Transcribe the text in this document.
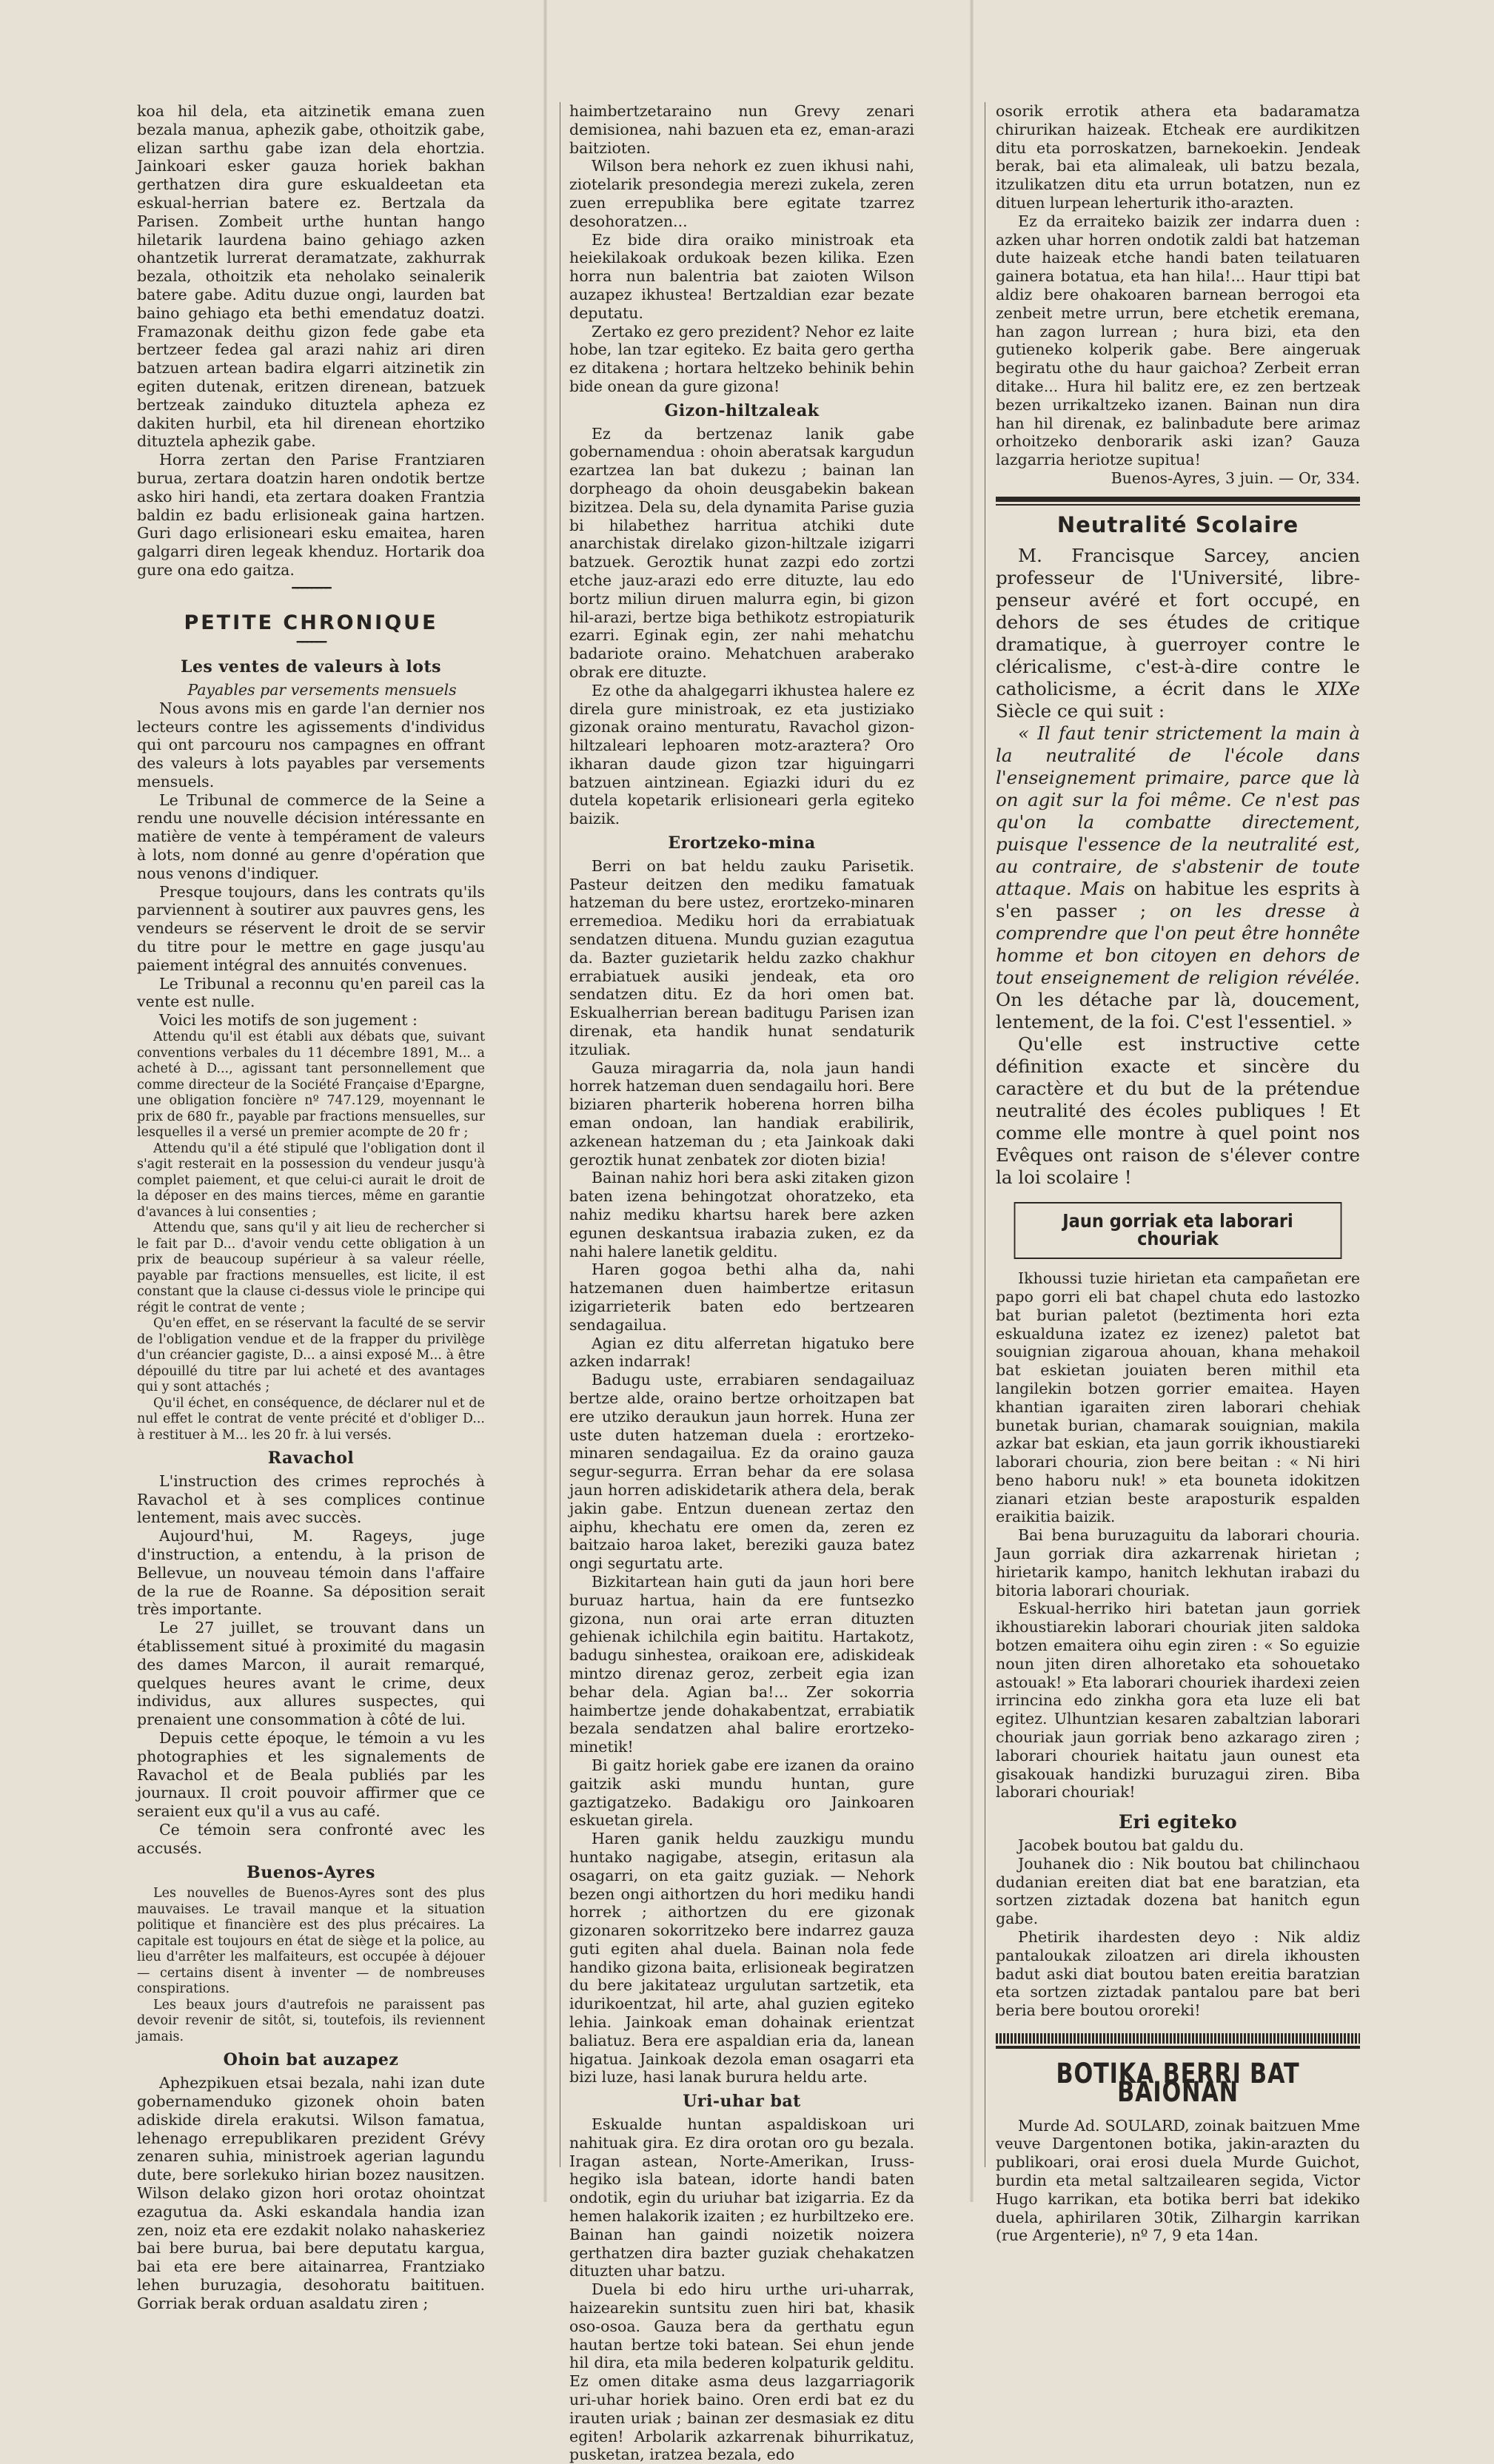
koa hil dela, eta aitzinetik emana zuen bezala manua, aphezik gabe, othoitzik gabe, elizan sarthu gabe izan dela ehortzia. Jainkoari esker gauza horiek bakhan gerthatzen dira gure eskualdeetan eta eskual-herrian batere ez. Bertzala da Parisen. Zombeit urthe huntan hango hiletarik laurdena baino gehiago azken ohantzetik lurrerat deramatzate, zakhurrak bezala, othoitzik eta neholako seinalerik batere gabe. Aditu duzue ongi, laurden bat baino gehiago eta bethi emendatuz doatzi. Framazonak deithu gizon fede gabe eta bertzeer fedea gal arazi nahiz ari diren batzuen artean badira elgarri aitzinetik zin egiten dutenak, eritzen direnean, batzuek bertzeak zainduko dituztela apheza ez dakiten hurbil, eta hil direnean ehortziko dituztela aphezik gabe.

Horra zertan den Parise Frantziaren burua, zertara doatzin haren ondotik bertze asko hiri handi, eta zertara doaken Frantzia baldin ez badu erlisioneak gaina hartzen. Guri dago erlisioneari esku emaitea, haren galgarri diren legeak khenduz. Hortarik doa gure ona edo gaitza.

━━━━━━━━
PETITE CHRONIQUE
━━━━━━
Les ventes de valeurs à lots

Payables par versements mensuels

Nous avons mis en garde l'an dernier nos lecteurs contre les agissements d'individus qui ont parcouru nos campagnes en offrant des valeurs à lots payables par versements mensuels.

Le Tribunal de commerce de la Seine a rendu une nouvelle décision intéressante en matière de vente à tempérament de valeurs à lots, nom donné au genre d'opération que nous venons d'indiquer.

Presque toujours, dans les contrats qu'ils parviennent à soutirer aux pauvres gens, les vendeurs se réservent le droit de se servir du titre pour le mettre en gage jusqu'au paiement intégral des annuités convenues.

Le Tribunal a reconnu qu'en pareil cas la vente est nulle.

Voici les motifs de son jugement :

Attendu qu'il est établi aux débats que, suivant conventions verbales du 11 décembre 1891, M... a acheté à D..., agissant tant personnellement que comme directeur de la Société Française d'Epargne, une obligation foncière nº 747.129, moyennant le prix de 680 fr., payable par fractions mensuelles, sur lesquelles il a versé un premier acompte de 20 fr ;

Attendu qu'il a été stipulé que l'obligation dont il s'agit resterait en la possession du vendeur jusqu'à complet paiement, et que celui-ci aurait le droit de la déposer en des mains tierces, même en garantie d'avances à lui consenties ;

Attendu que, sans qu'il y ait lieu de rechercher si le fait par D... d'avoir vendu cette obligation à un prix de beaucoup supérieur à sa valeur réelle, payable par fractions mensuelles, est licite, il est constant que la clause ci-dessus viole le principe qui régit le contrat de vente ;

Qu'en effet, en se réservant la faculté de se servir de l'obligation vendue et de la frapper du privilège d'un créancier gagiste, D... a ainsi exposé M... à être dépouillé du titre par lui acheté et des avantages qui y sont attachés ;

Qu'il échet, en conséquence, de déclarer nul et de nul effet le contrat de vente précité et d'obliger D... à restituer à M... les 20 fr. à lui versés.

Ravachol

L'instruction des crimes reprochés à Ravachol et à ses complices continue lentement, mais avec succès.

Aujourd'hui, M. Rageys, juge d'instruction, a entendu, à la prison de Bellevue, un nouveau témoin dans l'affaire de la rue de Roanne. Sa déposition serait très importante.

Le 27 juillet, se trouvant dans un établissement situé à proximité du magasin des dames Marcon, il aurait remarqué, quelques heures avant le crime, deux individus, aux allures suspectes, qui prenaient une consommation à côté de lui.

Depuis cette époque, le témoin a vu les photographies et les signalements de Ravachol et de Beala publiés par les journaux. Il croit pouvoir affirmer que ce seraient eux qu'il a vus au café.

Ce témoin sera confronté avec les accusés.

Buenos-Ayres

Les nouvelles de Buenos-Ayres sont des plus mauvaises. Le travail manque et la situation politique et financière est des plus précaires. La capitale est toujours en état de siège et la police, au lieu d'arrêter les malfaiteurs, est occupée à déjouer — certains disent à inventer — de nombreuses conspirations.

Les beaux jours d'autrefois ne paraissent pas devoir revenir de sitôt, si, toutefois, ils reviennent jamais.

Ohoin bat auzapez

Aphezpikuen etsai bezala, nahi izan dute gobernamenduko gizonek ohoin baten adiskide direla erakutsi. Wilson famatua, lehenago errepublikaren prezident Grévy zenaren suhia, ministroek agerian lagundu dute, bere sorlekuko hirian bozez nausitzen. Wilson delako gizon hori orotaz ohointzat ezagutua da. Aski eskandala handia izan zen, noiz eta ere ezdakit nolako nahaskeriez bai bere burua, bai bere deputatu kargua, bai eta ere bere aitainarrea, Frantziako lehen buruzagia, desohoratu baitituen. Gorriak berak orduan asaldatu ziren ;

haimbertzetaraino nun Grevy zenari demisionea, nahi bazuen eta ez, eman-arazi baitzioten.

Wilson bera nehork ez zuen ikhusi nahi, ziotelarik presondegia merezi zukela, zeren zuen errepublika bere egitate tzarrez desohoratzen...

Ez bide dira oraiko ministroak eta heiekilakoak ordukoak bezen kilika. Ezen horra nun balentria bat zaioten Wilson auzapez ikhustea! Bertzaldian ezar bezate deputatu.

Zertako ez gero prezident? Nehor ez laite hobe, lan tzar egiteko. Ez baita gero gertha ez ditakena ; hortara heltzeko behinik behin bide onean da gure gizona!

Gizon-hiltzaleak

Ez da bertzenaz lanik gabe gobernamendua : ohoin aberatsak kargudun ezartzea lan bat dukezu ; bainan lan dorpheago da ohoin deusgabekin bakean bizitzea. Dela su, dela dynamita Parise guzia bi hilabethez harritua atchiki dute anarchistak direlako gizon-hiltzale izigarri batzuek. Geroztik hunat zazpi edo zortzi etche jauz-arazi edo erre dituzte, lau edo bortz miliun diruen malurra egin, bi gizon hil-arazi, bertze biga bethikotz estropiaturik ezarri. Eginak egin, zer nahi mehatchu badariote oraino. Mehatchuen araberako obrak ere dituzte.

Ez othe da ahalgegarri ikhustea halere ez direla gure ministroak, ez eta justiziako gizonak oraino menturatu, Ravachol gizon-hiltzaleari lephoaren motz-araztera? Oro ikharan daude gizon tzar higuingarri batzuen aintzinean. Egiazki iduri du ez dutela kopetarik erlisioneari gerla egiteko baizik.

Erortzeko-mina

Berri on bat heldu zauku Parisetik. Pasteur deitzen den mediku famatuak hatzeman du bere ustez, erortzeko-minaren erremedioa. Mediku hori da errabiatuak sendatzen dituena. Mundu guzian ezagutua da. Bazter guzietarik heldu zazko chakhur errabiatuek ausiki jendeak, eta oro sendatzen ditu. Ez da hori omen bat. Eskualherrian berean baditugu Parisen izan direnak, eta handik hunat sendaturik itzuliak.

Gauza miragarria da, nola jaun handi horrek hatzeman duen sendagailu hori. Bere biziaren pharterik hoberena horren bilha eman ondoan, lan handiak erabilirik, azkenean hatzeman du ; eta Jainkoak daki geroztik hunat zenbatek zor dioten bizia!

Bainan nahiz hori bera aski zitaken gizon baten izena behingotzat ohoratzeko, eta nahiz mediku khartsu harek bere azken egunen deskantsua irabazia zuken, ez da nahi halere lanetik gelditu.

Haren gogoa bethi alha da, nahi hatzemanen duen haimbertze eritasun izigarrieterik baten edo bertzearen sendagailua.

Agian ez ditu alferretan higatuko bere azken indarrak!

Badugu uste, errabiaren sendagailuaz bertze alde, oraino bertze orhoitzapen bat ere utziko deraukun jaun horrek. Huna zer uste duten hatzeman duela : erortzeko-minaren sendagailua. Ez da oraino gauza segur-segurra. Erran behar da ere solasa jaun horren adiskidetarik athera dela, berak jakin gabe. Entzun duenean zertaz den aiphu, khechatu ere omen da, zeren ez baitzaio haroa laket, bereziki gauza batez ongi segurtatu arte.

Bizkitartean hain guti da jaun hori bere buruaz hartua, hain da ere funtsezko gizona, nun orai arte erran dituzten gehienak ichilchila egin baititu. Hartakotz, badugu sinhestea, oraikoan ere, adiskideak mintzo direnaz geroz, zerbeit egia izan behar dela. Agian ba!... Zer sokorria haimbertze jende dohakabentzat, errabiatik bezala sendatzen ahal balire erortzeko-minetik!

Bi gaitz horiek gabe ere izanen da oraino gaitzik aski mundu huntan, gure gaztigatzeko. Badakigu oro Jainkoaren eskuetan girela.

Haren ganik heldu zauzkigu mundu huntako nagigabe, atsegin, eritasun ala osagarri, on eta gaitz guziak. — Nehork bezen ongi aithortzen du hori mediku handi horrek ; aithortzen du ere gizonak gizonaren sokorritzeko bere indarrez gauza guti egiten ahal duela. Bainan nola fede handiko gizona baita, erlisioneak begiratzen du bere jakitateaz urgulutan sartzetik, eta idurikoentzat, hil arte, ahal guzien egiteko lehia. Jainkoak eman dohainak erientzat baliatuz. Bera ere aspaldian eria da, lanean higatua. Jainkoak dezola eman osagarri eta bizi luze, hasi lanak burura heldu arte.

Uri-uhar bat

Eskualde huntan aspaldiskoan uri nahituak gira. Ez dira orotan oro gu bezala. Iragan astean, Norte-Amerikan, Iruss-hegiko isla batean, idorte handi baten ondotik, egin du uriuhar bat izigarria. Ez da hemen halakorik izaiten ; ez hurbiltzeko ere. Bainan han gaindi noizetik noizera gerthatzen dira bazter guziak chehakatzen dituzten uhar batzu.

Duela bi edo hiru urthe uri-uharrak, haizearekin suntsitu zuen hiri bat, khasik oso-osoa. Gauza bera da gerthatu egun hautan bertze toki batean. Sei ehun jende hil dira, eta mila bederen kolpaturik gelditu. Ez omen ditake asma deus lazgarriagorik uri-uhar horiek baino. Oren erdi bat ez du irauten uriak ; bainan zer desmasiak ez ditu egiten! Arbolarik azkarrenak bihurrikatuz, pusketan, iratzea bezala, edo

osorik errotik athera eta badaramatza chirurikan haizeak. Etcheak ere aurdikitzen ditu eta porroskatzen, barnekoekin. Jendeak berak, bai eta alimaleak, uli batzu bezala, itzulikatzen ditu eta urrun botatzen, nun ez dituen lurpean leherturik itho-arazten.

Ez da erraiteko baizik zer indarra duen : azken uhar horren ondotik zaldi bat hatzeman dute haizeak etche handi baten teilatuaren gainera botatua, eta han hila!... Haur ttipi bat aldiz bere ohakoaren barnean berrogoi eta zenbeit metre urrun, bere etchetik eremana, han zagon lurrean ; hura bizi, eta den gutieneko kolperik gabe. Bere aingeruak begiratu othe du haur gaichoa? Zerbeit erran ditake... Hura hil balitz ere, ez zen bertzeak bezen urrikaltzeko izanen. Bainan nun dira han hil direnak, ez balinbadute bere arimaz orhoitzeko denborarik aski izan? Gauza lazgarria heriotze supitua!

Buenos-Ayres, 3 juin. — Or, 334.

Neutralité Scolaire

M. Francisque Sarcey, ancien professeur de l'Université, libre-penseur avéré et fort occupé, en dehors de ses études de critique dramatique, à guerroyer contre le cléricalisme, c'est-à-dire contre le catholicisme, a écrit dans le XIXe Siècle ce qui suit :

« Il faut tenir strictement la main à la neutralité de l'école dans l'enseignement primaire, parce que là on agit sur la foi même. Ce n'est pas qu'on la combatte directement, puisque l'essence de la neutralité est, au contraire, de s'abstenir de toute attaque. Mais on habitue les esprits à s'en passer ; on les dresse à comprendre que l'on peut être honnête homme et bon citoyen en dehors de tout enseignement de religion révélée. On les détache par là, doucement, lentement, de la foi. C'est l'essentiel. »

Qu'elle est instructive cette définition exacte et sincère du caractère et du but de la prétendue neutralité des écoles publiques ! Et comme elle montre à quel point nos Evêques ont raison de s'élever contre la loi scolaire !

Jaun gorriak eta laborari chouriak

Ikhoussi tuzie hirietan eta campañetan ere papo gorri eli bat chapel chuta edo lastozko bat burian paletot (beztimenta hori ezta eskualduna izatez ez izenez) paletot bat souignian zigaroua ahouan, khana mehakoil bat eskietan jouiaten beren mithil eta langilekin botzen gorrier emaitea. Hayen khantian igaraiten ziren laborari chehiak bunetak burian, chamarak souignian, makila azkar bat eskian, eta jaun gorrik ikhoustiareki laborari chouria, zion bere beitan : « Ni hiri beno haboru nuk! » eta bouneta idokitzen zianari etzian beste araposturik espalden eraikitia baizik.

Bai bena buruzaguitu da laborari chouria. Jaun gorriak dira azkarrenak hirietan ; hirietarik kampo, hanitch lekhutan irabazi du bitoria laborari chouriak.

Eskual-herriko hiri batetan jaun gorriek ikhoustiarekin laborari chouriak jiten saldoka botzen emaitera oihu egin ziren : « So eguizie noun jiten diren alhoretako eta sohouetako astouak! » Eta laborari chouriek ihardexi zeien irrincina edo zinkha gora eta luze eli bat egitez. Ulhuntzian kesaren zabaltzian laborari chouriak jaun gorriak beno azkarago ziren ; laborari chouriek haitatu jaun ounest eta gisakouak handizki buruzagui ziren. Biba laborari chouriak!

Eri egiteko

Jacobek boutou bat galdu du.

Jouhanek dio : Nik boutou bat chilinchaou dudanian ereiten diat bat ene baratzian, eta sortzen ziztadak dozena bat hanitch egun gabe.

Phetirik ihardesten deyo : Nik aldiz pantaloukak ziloatzen ari direla ikhousten badut aski diat boutou baten ereitia baratzian eta sortzen ziztadak pantalou pare bat beri beria bere boutou ororeki!

BOTIKA BERRI BAT BAIONAN

Murde Ad. SOULARD, zoinak baitzuen Mme veuve Dargentonen botika, jakin-arazten du publikoari, orai erosi duela Murde Guichot, burdin eta metal saltzailearen segida, Victor Hugo karrikan, eta botika berri bat idekiko duela, aphirilaren 30tik, Zilhargin karrikan (rue Argenterie), nº 7, 9 eta 14an.
